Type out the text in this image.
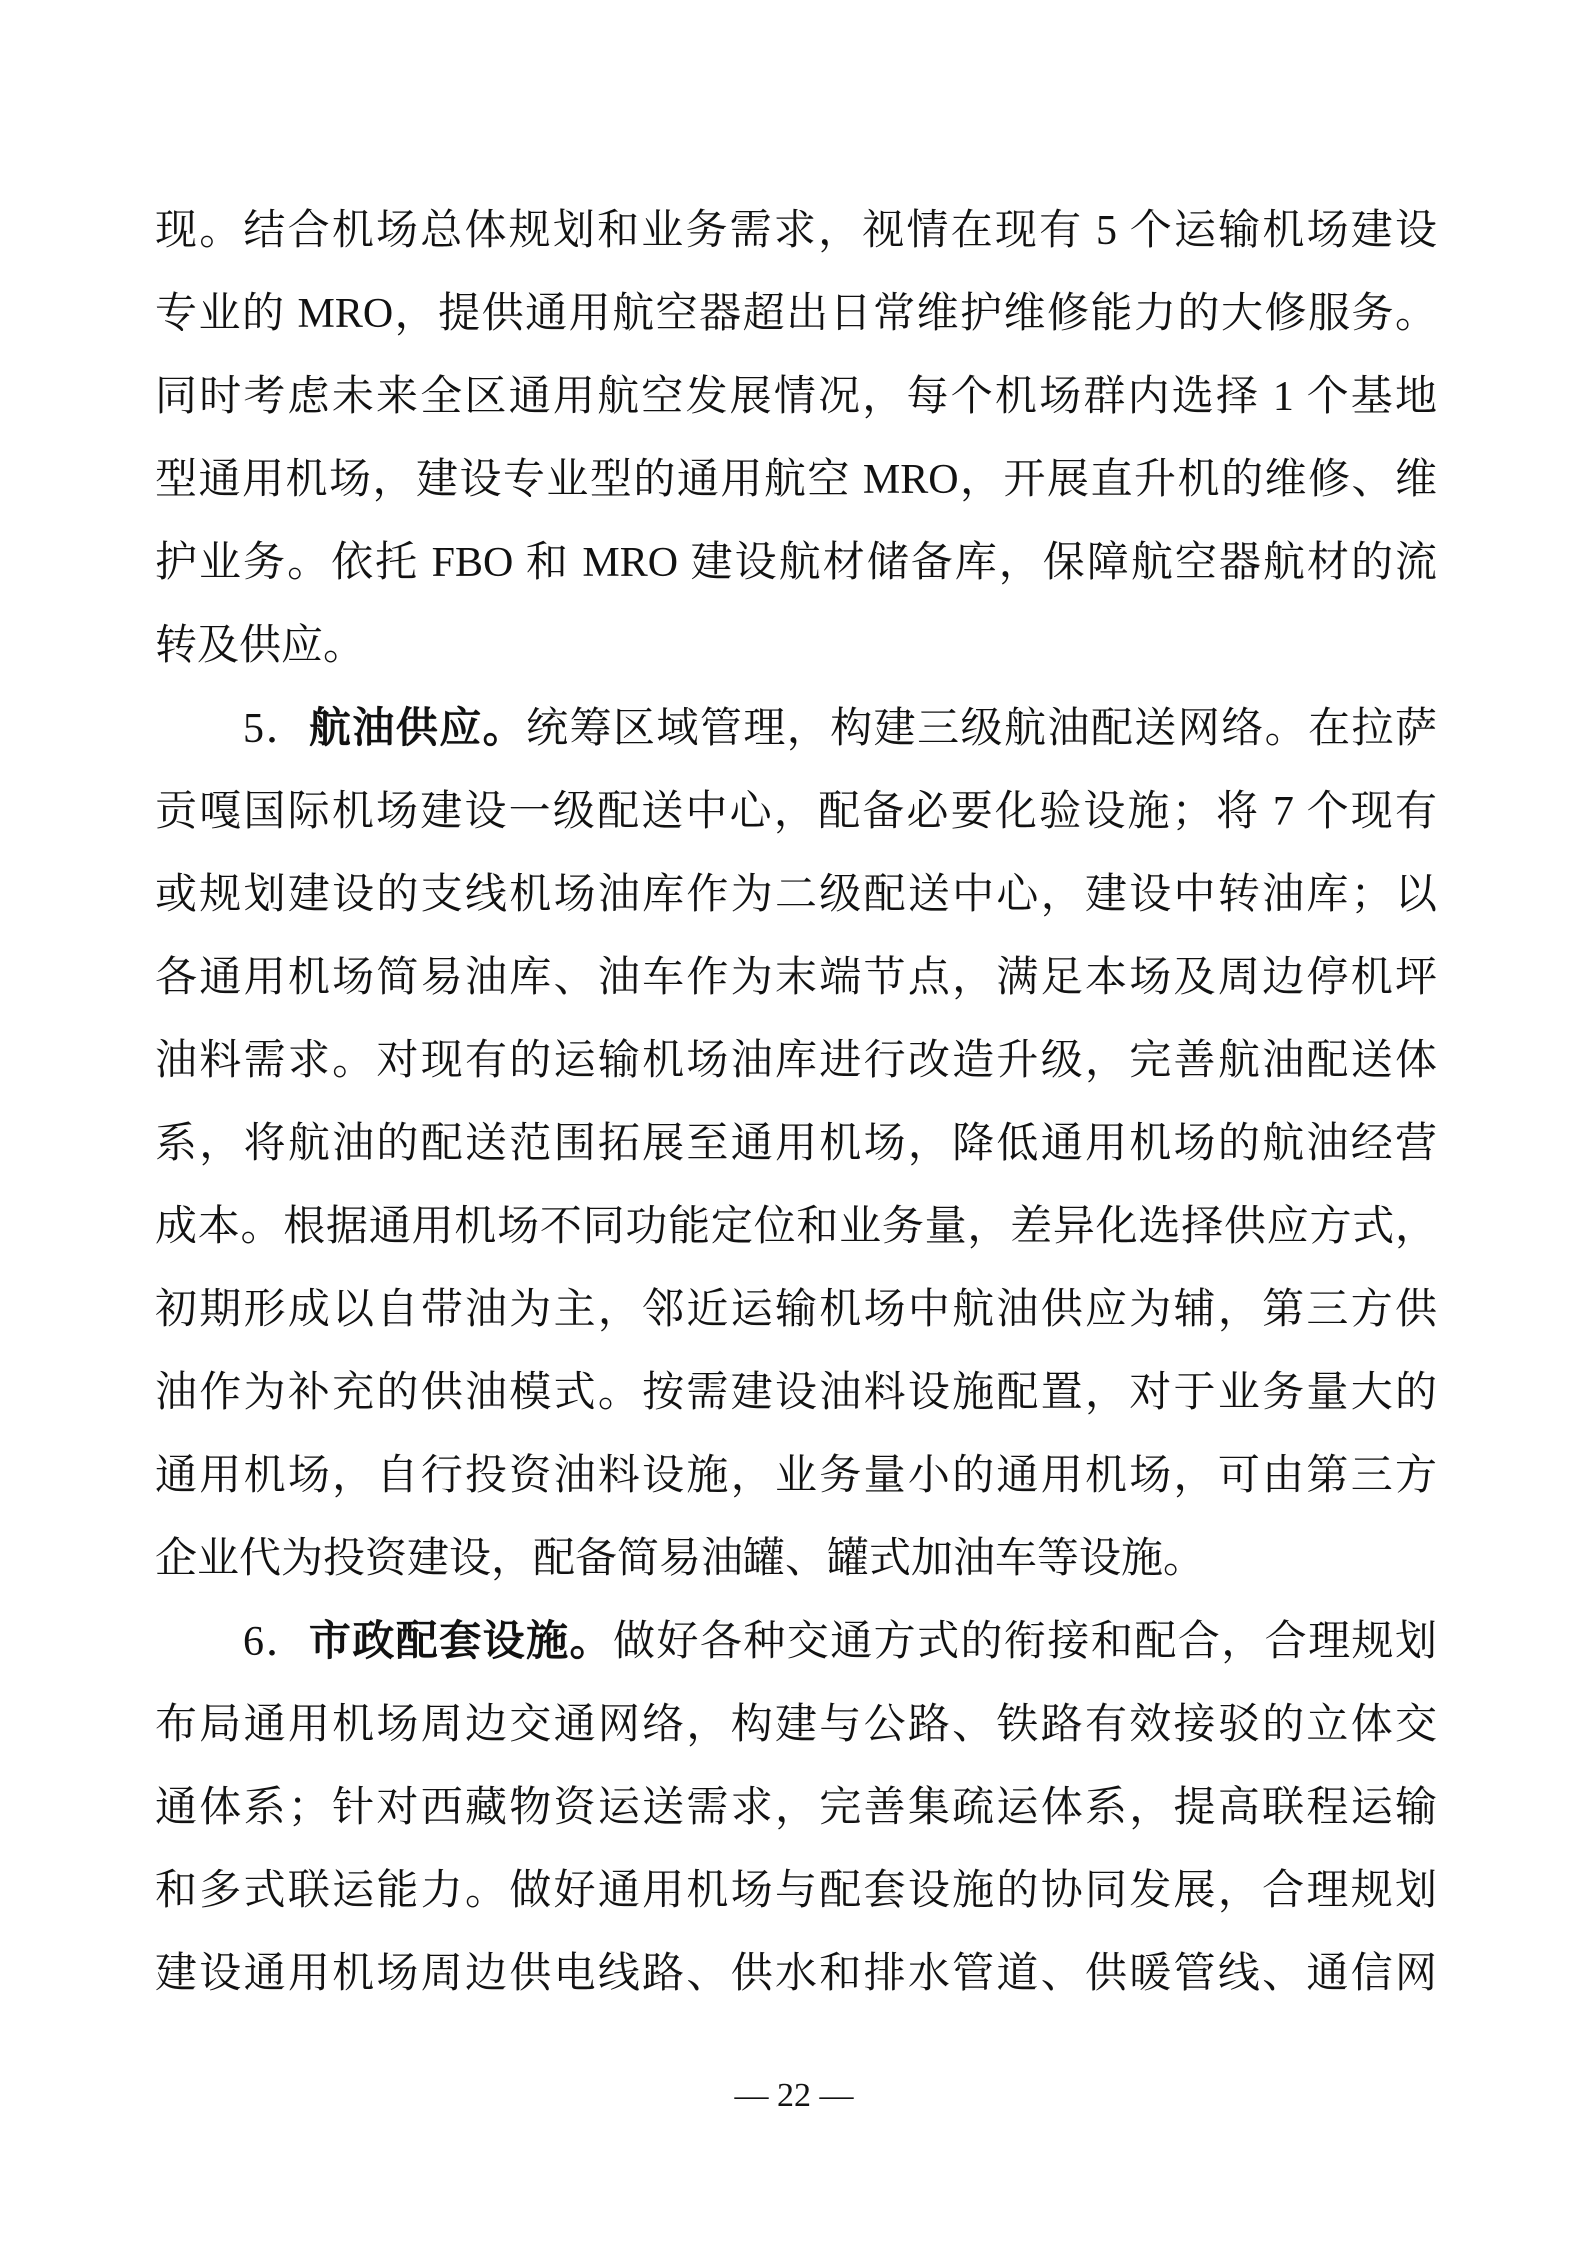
现。结合机场总体规划和业务需求，视情在现有 5 个运输机场建设
专业的 MRO，提供通用航空器超出日常维护维修能力的大修服务。
同时考虑未来全区通用航空发展情况，每个机场群内选择 1 个基地
型通用机场，建设专业型的通用航空 MRO，开展直升机的维修、维
护业务。依托 FBO 和 MRO 建设航材储备库，保障航空器航材的流
转及供应。
5．航油供应。统筹区域管理，构建三级航油配送网络。在拉萨
贡嘎国际机场建设一级配送中心，配备必要化验设施；将 7 个现有
或规划建设的支线机场油库作为二级配送中心，建设中转油库；以
各通用机场简易油库、油车作为末端节点，满足本场及周边停机坪
油料需求。对现有的运输机场油库进行改造升级，完善航油配送体
系，将航油的配送范围拓展至通用机场，降低通用机场的航油经营
成本。根据通用机场不同功能定位和业务量，差异化选择供应方式，
初期形成以自带油为主，邻近运输机场中航油供应为辅，第三方供
油作为补充的供油模式。按需建设油料设施配置，对于业务量大的
通用机场，自行投资油料设施，业务量小的通用机场，可由第三方
企业代为投资建设，配备简易油罐、罐式加油车等设施。
6．市政配套设施。做好各种交通方式的衔接和配合，合理规划
布局通用机场周边交通网络，构建与公路、铁路有效接驳的立体交
通体系；针对西藏物资运送需求，完善集疏运体系，提高联程运输
和多式联运能力。做好通用机场与配套设施的协同发展，合理规划
建设通用机场周边供电线路、供水和排水管道、供暖管线、通信网
— 22 —
